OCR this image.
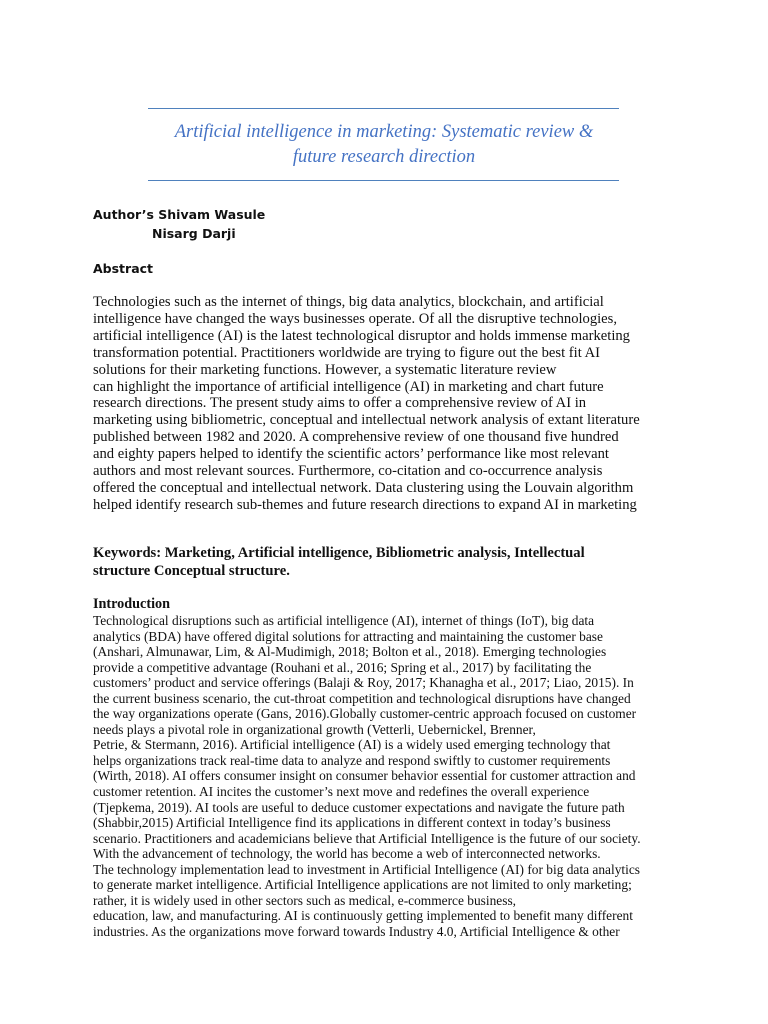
Artificial intelligence in marketing: Systematic review &
future research direction
Author’s Shivam Wasule
Nisarg Darji
Abstract
Technologies such as the internet of things, big data analytics, blockchain, and artificial
intelligence have changed the ways businesses operate. Of all the disruptive technologies,
artificial intelligence (AI) is the latest technological disruptor and holds immense marketing
transformation potential. Practitioners worldwide are trying to figure out the best fit AI
solutions for their marketing functions. However, a systematic literature review
can highlight the importance of artificial intelligence (AI) in marketing and chart future
research directions. The present study aims to offer a comprehensive review of AI in
marketing using bibliometric, conceptual and intellectual network analysis of extant literature
published between 1982 and 2020. A comprehensive review of one thousand five hundred
and eighty papers helped to identify the scientific actors’ performance like most relevant
authors and most relevant sources. Furthermore, co-citation and co-occurrence analysis
offered the conceptual and intellectual network. Data clustering using the Louvain algorithm
helped identify research sub-themes and future research directions to expand AI in marketing
Keywords: Marketing, Artificial intelligence, Bibliometric analysis, Intellectual
structure Conceptual structure.
Introduction
Technological disruptions such as artificial intelligence (AI), internet of things (IoT), big data
analytics (BDA) have offered digital solutions for attracting and maintaining the customer base
(Anshari, Almunawar, Lim, & Al-Mudimigh, 2018; Bolton et al., 2018). Emerging technologies
provide a competitive advantage (Rouhani et al., 2016; Spring et al., 2017) by facilitating the
customers’ product and service offerings (Balaji & Roy, 2017; Khanagha et al., 2017; Liao, 2015). In
the current business scenario, the cut-throat competition and technological disruptions have changed
the way organizations operate (Gans, 2016).Globally customer-centric approach focused on customer
needs plays a pivotal role in organizational growth (Vetterli, Uebernickel, Brenner,
Petrie, & Stermann, 2016). Artificial intelligence (AI) is a widely used emerging technology that
helps organizations track real-time data to analyze and respond swiftly to customer requirements
(Wirth, 2018). AI offers consumer insight on consumer behavior essential for customer attraction and
customer retention. AI incites the customer’s next move and redefines the overall experience
(Tjepkema, 2019). AI tools are useful to deduce customer expectations and navigate the future path
(Shabbir,2015) Artificial Intelligence find its applications in different context in today’s business
scenario. Practitioners and academicians believe that Artificial Intelligence is the future of our society.
With the advancement of technology, the world has become a web of interconnected networks.
The technology implementation lead to investment in Artificial Intelligence (AI) for big data analytics
to generate market intelligence. Artificial Intelligence applications are not limited to only marketing;
rather, it is widely used in other sectors such as medical, e-commerce business,
education, law, and manufacturing. AI is continuously getting implemented to benefit many different
industries. As the organizations move forward towards Industry 4.0, Artificial Intelligence & other
